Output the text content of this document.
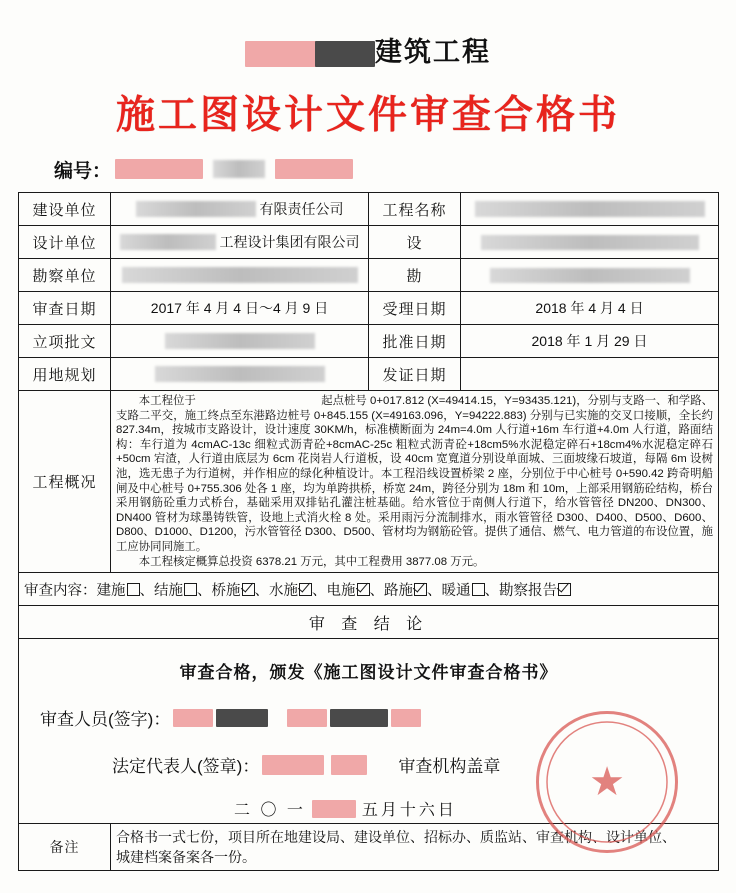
建筑工程
施工图设计文件审查合格书
编号：
建设单位	有限责任公司	工程名称	

设计单位	工程设计集团有限公司	设	

勘察单位		勘	

审查日期	2017 年 4 月 4 日～4 月 9 日	受理日期	2018 年 4 月 4 日
立项批文		批准日期	2018 年 1 月 29 日
用地规划		发证日期	
工程概况	本工程位于　　　　　　　　　　　起点桩号 0+017.812 (X=49414.15，Y=93435.121)，分别与支路一、和学路、支路二平交，施工终点至东港路边桩号 0+845.155 (X=49163.096，Y=94222.883) 分别与已实施的交叉口接顺，全长约 827.34m，按城市支路设计，设计速度 30KM/h，标准横断面为 24m=4.0m 人行道+16m 车行道+4.0m 人行道，路面结构：车行道为 4cmAC-13c 细粒式沥青砼+8cmAC-25c 粗粒式沥青砼+18cm5%水泥稳定碎石+18cm4%水泥稳定碎石+50cm 宕渣，人行道由底层为 6cm 花岗岩人行道板，设 40cm 宽寬道分别设单面城、三面坡缘石坡道，每隔 6m 设树池，选无患子为行道树，并作相应的绿化种植设计。本工程沿线设置桥梁 2 座，分别位于中心桩号 0+590.42 跨奇明船闸及中心桩号 0+755.306 处各 1 座，均为单跨拱桥，桥宽 24m，跨径分别为 18m 和 10m，上部采用钢筋砼结构，桥台采用钢筋砼重力式桥台，基础采用双排钻孔灌注桩基础。给水管位于南侧人行道下，给水管管径 DN200、DN300、DN400 管材为球墨铸铁管，设地上式消火栓 8 处。采用雨污分流制排水，雨水管管径 D300、D400、D500、D600、D800、D1000、D1200，污水管管径 D300、D500、管材均为钢筋砼管。提供了通信、燃气、电力管道的布设位置，施工应协同同施工。

本工程核定概算总投资 6378.21 万元，其中工程费用 3877.08 万元。		

审查内容：建施 、结施 、桥施 、水施 、电施 、路施 、暖通 、勘察报告			
审 查 结 论			

审查合格，颁发《施工图设计文件审查合格书》
审查人员(签字)：
法定代表人(签章)：	审查机构盖章
二 〇 一	五月十六日

备注	合格书一式七份，项目所在地建设局、建设单位、招标办、质监站、审查机构、设计单位、
城建档案备案各一份。		
★
